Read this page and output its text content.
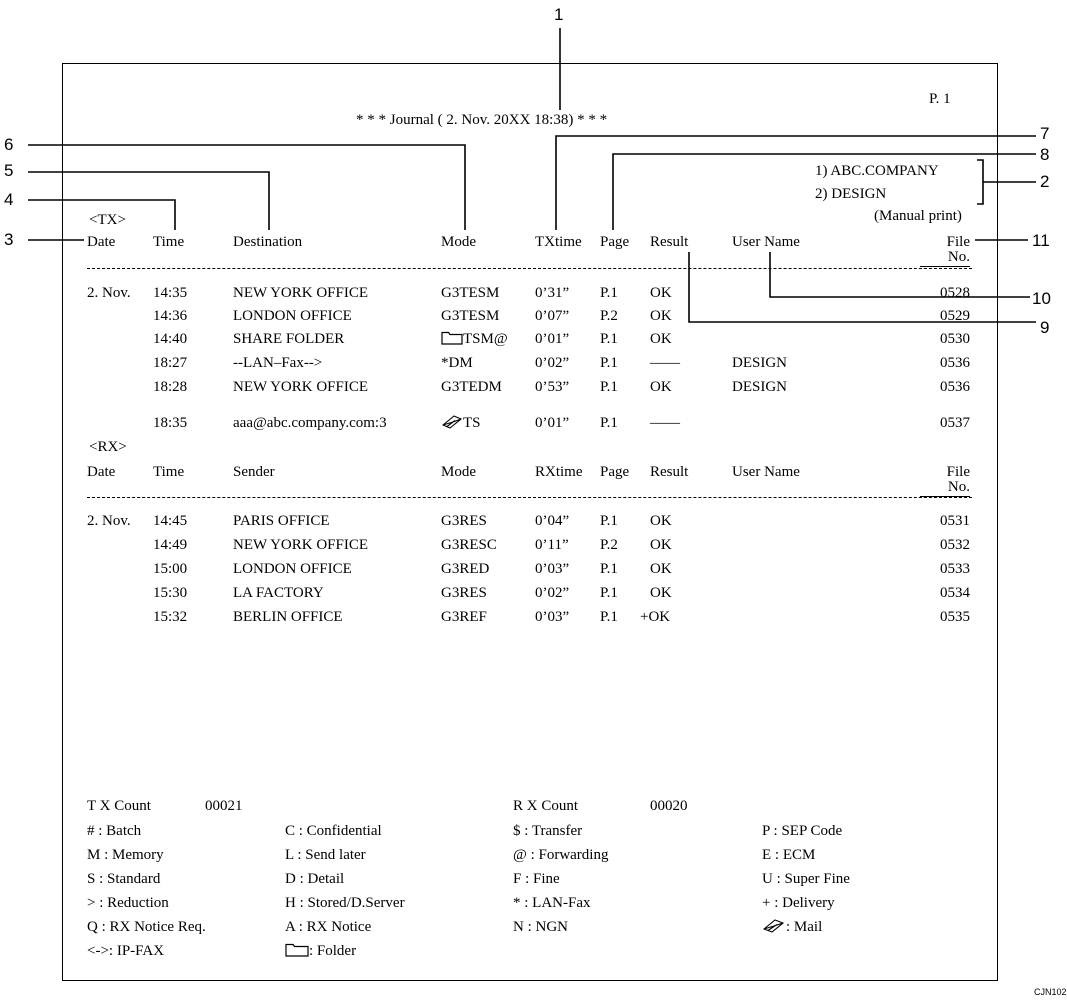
1
2
3
4
5
6
7
8
9
10
11
P. 1
* * * Journal ( 2. Nov. 20XX 18:38) * * *
1) ABC.COMPANY
2) DESIGN
(Manual print)
<TX>
Date	Time	Destination	Mode	TXtime Page Result	User Name	File
No.
2. Nov. 14:35	NEW YORK OFFICE	G3TESM 0’31” P.1 OK	0528
14:36	LONDON OFFICE	G3TESM 0’07” P.2 OK	0529
14:40	SHARE FOLDER	TSM@ 0’01” P.1 OK	0530
18:27	--LAN–Fax-->	*DM	0’02” P.1 ——	DESIGN	0536
18:28	NEW YORK OFFICE	G3TEDM 0’53” P.1 OK	DESIGN	0536
18:35	aaa@abc.company.com:3	TS	0’01” P.1 ——	0537
<RX>
Date	Time	Sender	Mode	RXtime Page Result	User Name	File
No.
2. Nov. 14:45	PARIS OFFICE	G3RES	0’04” P.1 OK	0531
14:49	NEW YORK OFFICE	G3RESC	0’11” P.2 OK	0532
15:00	LONDON OFFICE	G3RED	0’03” P.1 OK	0533
15:30	LA FACTORY	G3RES	0’02” P.1 OK	0534
15:32	BERLIN OFFICE	G3REF	0’03” P.1 +OK	0535
T X Count	00021	R X Count	00020
# : Batch	C : Confidential	$ : Transfer	P : SEP Code
M : Memory	L : Send later	@ : Forwarding	E : ECM
S : Standard	D : Detail	F : Fine	U : Super Fine
> : Reduction	H : Stored/D.Server	* : LAN-Fax	+ : Delivery
Q : RX Notice Req.	A : RX Notice	N : NGN	: Mail
<->: IP-FAX	: Folder
CJN102
